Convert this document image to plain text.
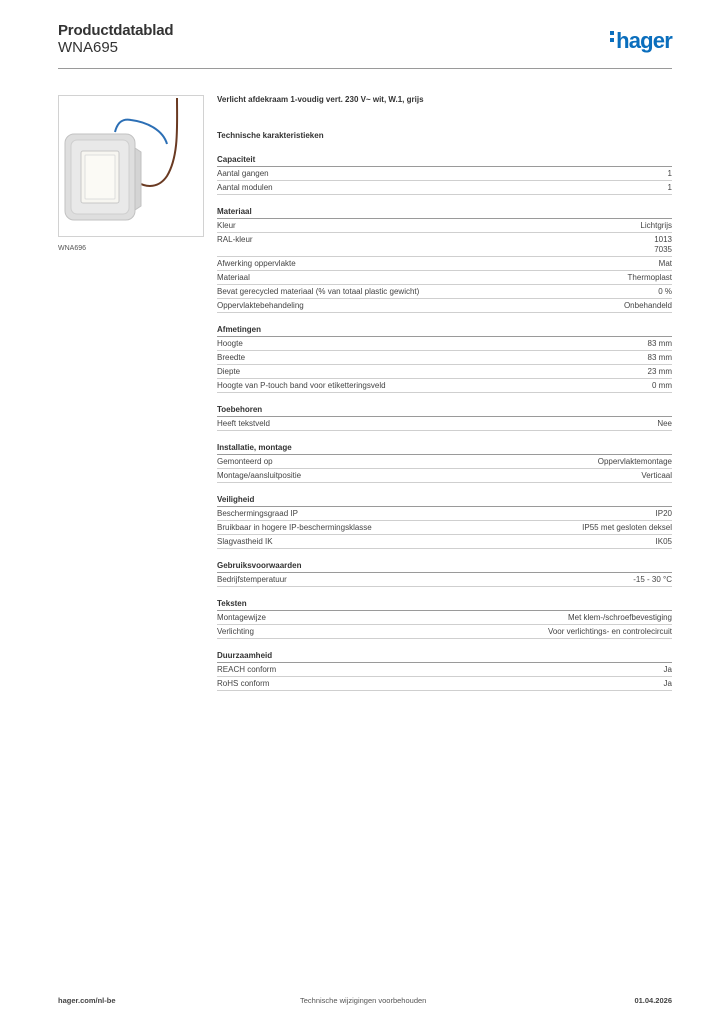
Productdatablad
WNA695	hager
WNA696
Verlicht afdekraam 1-voudig vert. 230 V~ wit, W.1, grijs
Technische karakteristieken
Capaciteit
Aantal gangen	1
Aantal modulen	1
Materiaal
Kleur	Lichtgrijs
RAL-kleur	1013
7035
Afwerking oppervlakte	Mat
Materiaal	Thermoplast
Bevat gerecycled materiaal (% van totaal plastic gewicht)	0 %
Oppervlaktebehandeling	Onbehandeld
Afmetingen
Hoogte	83 mm
Breedte	83 mm
Diepte	23 mm
Hoogte van P-touch band voor etiketteringsveld	0 mm
Toebehoren
Heeft tekstveld	Nee
Installatie, montage
Gemonteerd op	Oppervlaktemontage
Montage/aansluitpositie	Verticaal
Veiligheid
Beschermingsgraad IP	IP20
Bruikbaar in hogere IP-beschermingsklasse	IP55 met gesloten deksel
Slagvastheid IK	IK05
Gebruiksvoorwaarden
Bedrijfstemperatuur	-15 - 30 °C
Teksten
Montagewijze	Met klem-/schroefbevestiging
Verlichting	Voor verlichtings- en controlecircuit
Duurzaamheid
REACH conform	Ja
RoHS conform	Ja
hager.com/nl-be	Technische wijzigingen voorbehouden	01.04.2026
